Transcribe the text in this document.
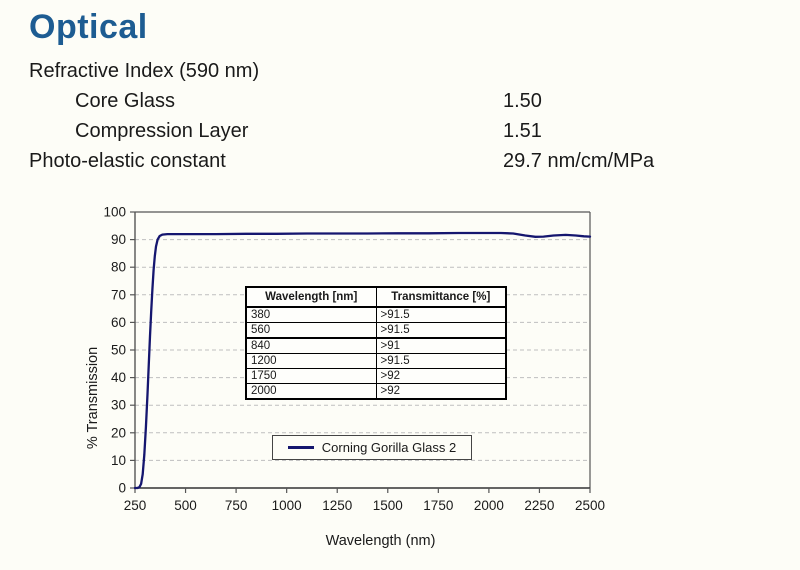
Optical
Refractive Index (590 nm)
Core Glass	1.50
Compression Layer	1.51
Photo-elastic constant	29.7 nm/cm/MPa
0
10
20
30
40
50
60
70
80
90
100
250 500 750 1000 1250 1500 1750 2000 2250 2500
% Transmission
Wavelength (nm)
Wavelength [nm]	Transmittance [%]
380	>91.5
560	>91.5
840	>91
1200	>91.5
1750	>92
2000	>92
Corning Gorilla Glass 2
